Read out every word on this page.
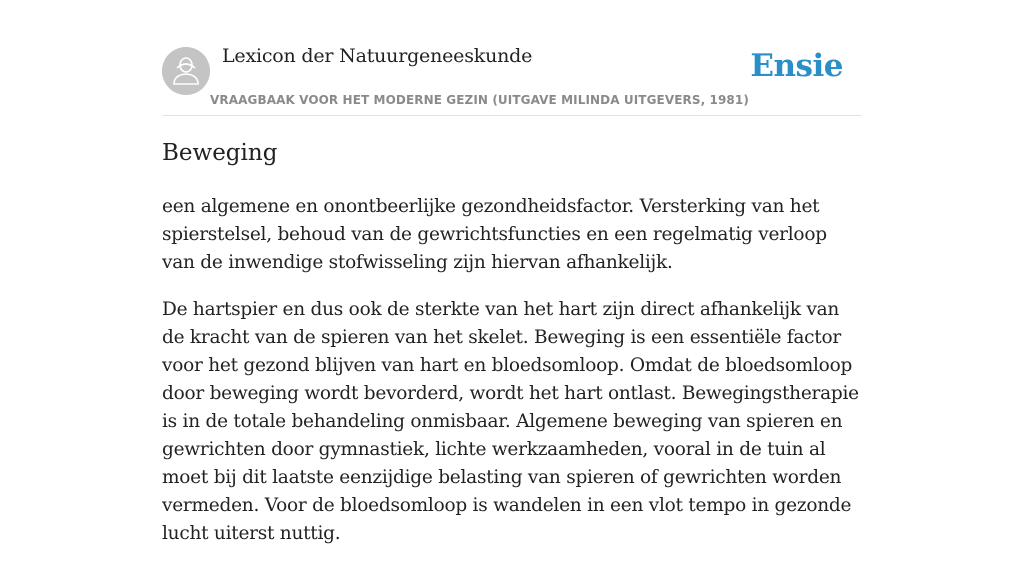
Lexicon der Natuurgeneeskunde
VRAAGBAAK VOOR HET MODERNE GEZIN (UITGAVE MILINDA UITGEVERS, 1981)
Ensie
Beweging

een algemene en onontbeerlijke gezondheidsfactor. Versterking van het spierstelsel, behoud van de gewrichtsfuncties en een regelmatig verloop van de inwendige stofwisseling zijn hiervan afhankelijk.

De hartspier en dus ook de sterkte van het hart zijn direct afhankelijk van de kracht van de spieren van het skelet. Beweging is een essentiële factor voor het gezond blijven van hart en bloedsomloop. Omdat de bloedsomloop door beweging wordt bevorderd, wordt het hart ontlast. Bewegingstherapie is in de totale behandeling onmisbaar. Algemene beweging van spieren en gewrichten door gymnastiek, lichte werkzaamheden, vooral in de tuin al moet bij dit laatste eenzijdige belasting van spieren of gewrichten worden vermeden. Voor de bloedsomloop is wandelen in een vlot tempo in gezonde lucht uiterst nuttig.
